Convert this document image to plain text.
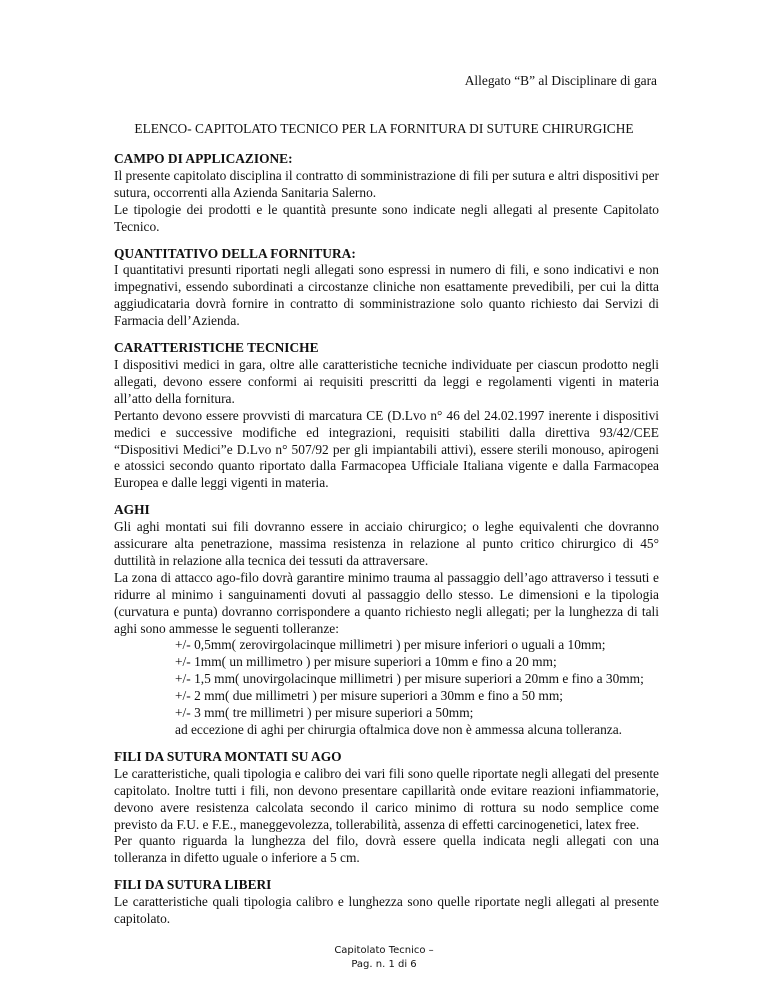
Allegato “B” al Disciplinare di gara
ELENCO- CAPITOLATO TECNICO PER LA FORNITURA DI SUTURE CHIRURGICHE
CAMPO DI APPLICAZIONE:
Il presente capitolato disciplina il contratto di somministrazione di fili per sutura e altri dispositivi per sutura, occorrenti alla Azienda Sanitaria Salerno.
Le tipologie dei prodotti e le quantità presunte sono indicate negli allegati al presente Capitolato Tecnico.
QUANTITATIVO DELLA FORNITURA:
I quantitativi presunti riportati negli allegati sono espressi in numero di fili, e sono indicativi e non impegnativi, essendo subordinati a circostanze cliniche non esattamente prevedibili, per cui la ditta aggiudicataria dovrà fornire in contratto di somministrazione solo quanto richiesto dai Servizi di Farmacia dell’Azienda.
CARATTERISTICHE TECNICHE
I dispositivi medici in gara, oltre alle caratteristiche tecniche individuate per ciascun prodotto negli allegati, devono essere conformi ai requisiti prescritti da leggi e regolamenti vigenti in materia all’atto della fornitura.
Pertanto devono essere provvisti di marcatura CE (D.Lvo n° 46 del 24.02.1997 inerente i dispositivi medici e successive modifiche ed integrazioni, requisiti stabiliti dalla direttiva 93/42/CEE “Dispositivi Medici”e D.Lvo n° 507/92 per gli impiantabili attivi), essere sterili monouso, apirogeni e atossici secondo quanto riportato dalla Farmacopea Ufficiale Italiana vigente e dalla Farmacopea Europea e dalle leggi vigenti in materia.
AGHI
Gli aghi montati sui fili dovranno essere in acciaio chirurgico; o leghe equivalenti che dovranno assicurare alta penetrazione, massima resistenza in relazione al punto critico chirurgico di 45° duttilità in relazione alla tecnica dei tessuti da attraversare.
La zona di attacco ago-filo dovrà garantire minimo trauma al passaggio dell’ago attraverso i tessuti e ridurre al minimo i sanguinamenti dovuti al passaggio dello stesso. Le dimensioni e la tipologia (curvatura e punta) dovranno corrispondere a quanto richiesto negli allegati; per la lunghezza di tali aghi sono ammesse le seguenti tolleranze:
+/- 0,5mm( zerovirgolacinque millimetri ) per misure inferiori o uguali a 10mm;
+/- 1mm( un millimetro ) per misure superiori a 10mm e fino a 20 mm;
+/- 1,5 mm( unovirgolacinque millimetri ) per misure superiori a 20mm e fino a 30mm;
+/- 2 mm( due millimetri ) per misure superiori a 30mm e fino a 50 mm;
+/- 3 mm( tre millimetri ) per misure superiori a 50mm;
ad eccezione di aghi per chirurgia oftalmica dove non è ammessa alcuna tolleranza.
FILI DA SUTURA MONTATI SU AGO
Le caratteristiche, quali tipologia e calibro dei vari fili sono quelle riportate negli allegati del presente capitolato. Inoltre tutti i fili, non devono presentare capillarità onde evitare reazioni infiammatorie, devono avere resistenza calcolata secondo il carico minimo di rottura su nodo semplice come previsto da F.U. e F.E., maneggevolezza, tollerabilità, assenza di effetti carcinogenetici, latex free.
Per quanto riguarda la lunghezza del filo, dovrà essere quella indicata negli allegati con una tolleranza in difetto uguale o inferiore a 5 cm.
FILI DA SUTURA LIBERI
Le caratteristiche quali tipologia calibro e lunghezza sono quelle riportate negli allegati al presente capitolato.
Capitolato Tecnico –
Pag. n. 1 di 6
